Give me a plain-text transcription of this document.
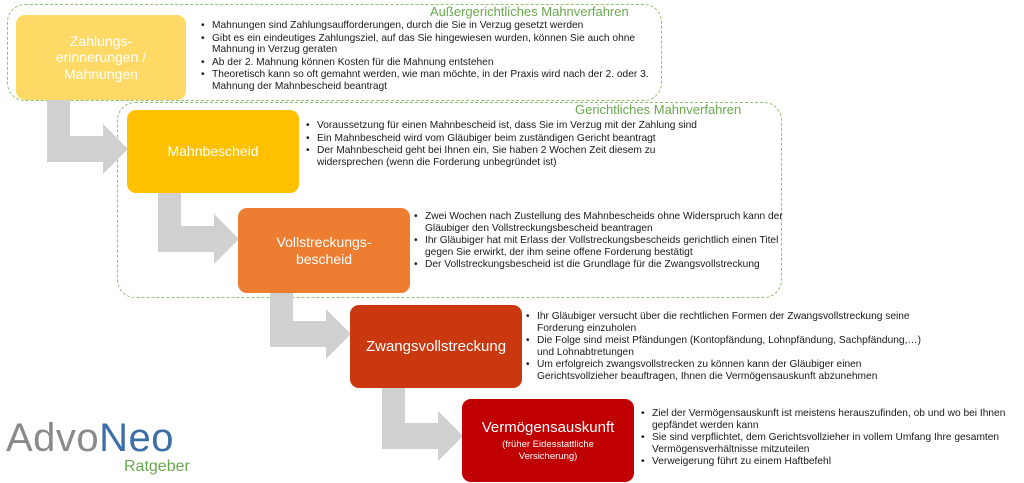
Außergerichtliches Mahnverfahren
Gerichtliches Mahnverfahren
Zahlungs-
erinnerungen /
Mahnungen
Mahnbescheid
Vollstreckungs-
bescheid
Zwangsvollstreckung
Vermögensauskunft
(früher Eidesstattliche
Versicherung)
• Mahnungen sind Zahlungsaufforderungen, durch die Sie in Verzug gesetzt werden
• Gibt es ein eindeutiges Zahlungsziel, auf das Sie hingewiesen wurden, können Sie auch ohne Mahnung in Verzug geraten
• Ab der 2. Mahnung können Kosten für die Mahnung entstehen
• Theoretisch kann so oft gemahnt werden, wie man möchte, in der Praxis wird nach der 2. oder 3. Mahnung der Mahnbescheid beantragt
• Voraussetzung für einen Mahnbescheid ist, dass Sie im Verzug mit der Zahlung sind
• Ein Mahnbescheid wird vom Gläubiger beim zuständigen Gericht beantragt
• Der Mahnbescheid geht bei Ihnen ein, Sie haben 2 Wochen Zeit diesem zu widersprechen (wenn die Forderung unbegründet ist)
• Zwei Wochen nach Zustellung des Mahnbescheids ohne Widerspruch kann der Gläubiger den Vollstreckungsbescheid beantragen
• Ihr Gläubiger hat mit Erlass der Vollstreckungsbescheids gerichtlich einen Titel gegen Sie erwirkt, der ihm seine offene Forderung bestätigt
• Der Vollstreckungsbescheid ist die Grundlage für die Zwangsvollstreckung
• Ihr Gläubiger versucht über die rechtlichen Formen der Zwangsvollstreckung seine Forderung einzuholen
• Die Folge sind meist Pfändungen (Kontopfändung, Lohnpfändung, Sachpfändung,…) und Lohnabtretungen
• Um erfolgreich zwangsvollstrecken zu können kann der Gläubiger einen Gerichtsvollzieher beauftragen, Ihnen die Vermögensauskunft abzunehmen
• Ziel der Vermögensauskunft ist meistens herauszufinden, ob und wo bei Ihnen gepfändet werden kann
• Sie sind verpflichtet, dem Gerichtsvollzieher in vollem Umfang Ihre gesamten Vermögensverhältnisse mitzuteilen
• Verweigerung führt zu einem Haftbefehl
AdvoNeo
Ratgeber
